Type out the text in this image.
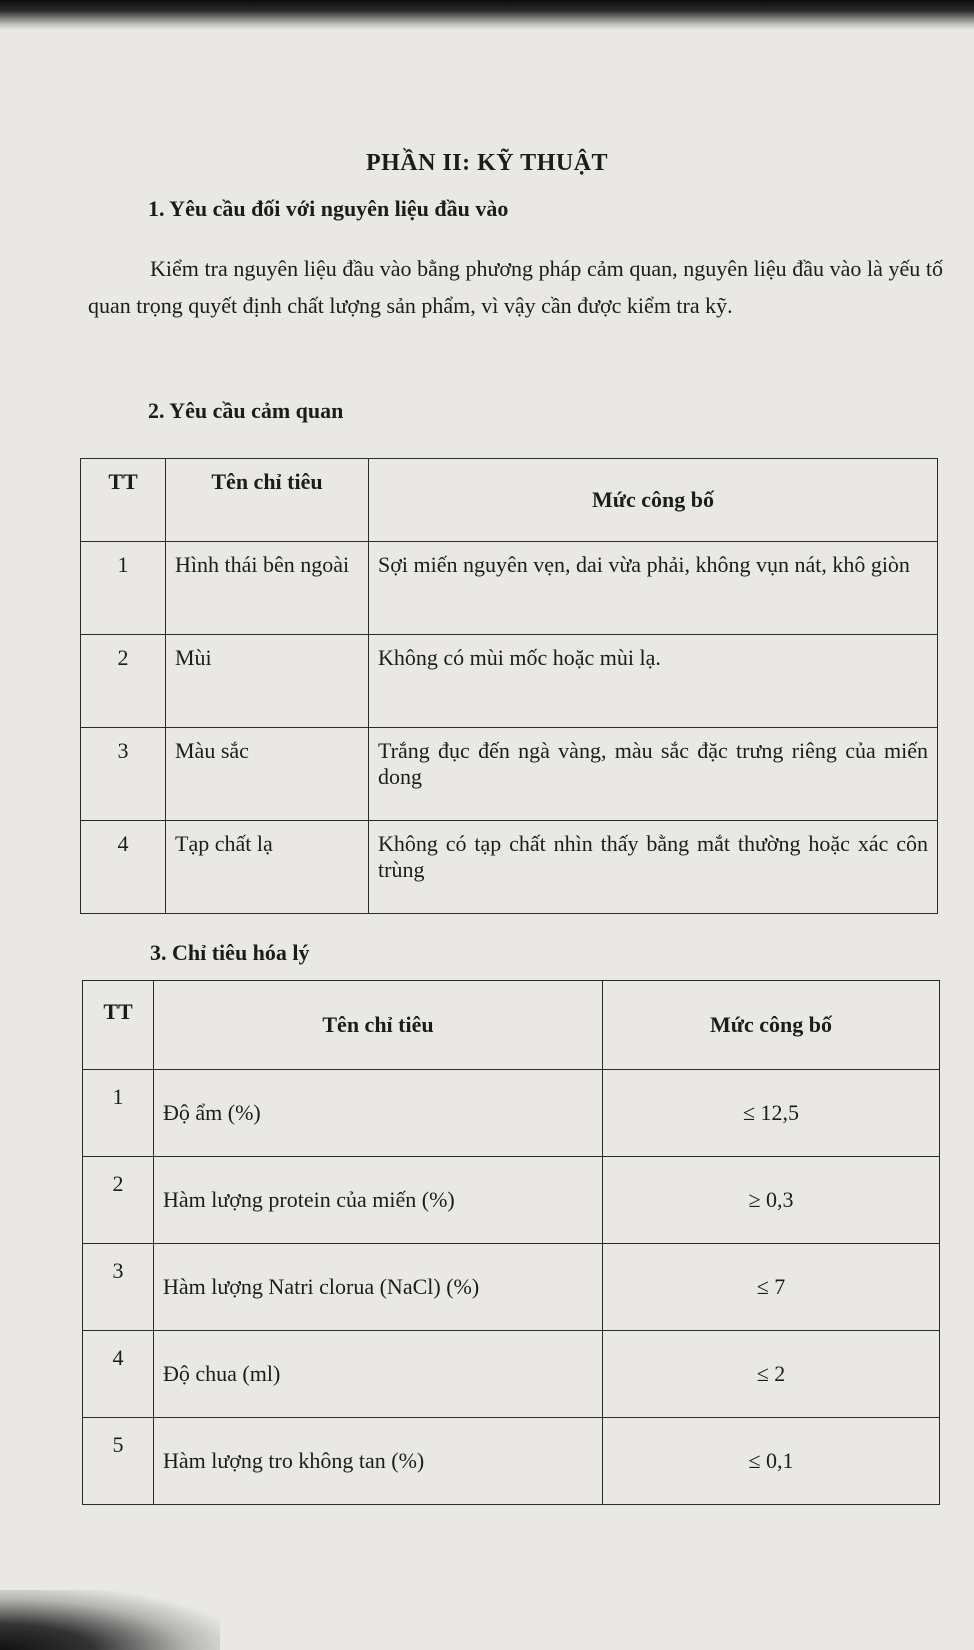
PHẦN II: KỸ THUẬT
1. Yêu cầu đối với nguyên liệu đầu vào
Kiểm tra nguyên liệu đầu vào bằng phương pháp cảm quan, nguyên liệu đầu vào là yếu tố quan trọng quyết định chất lượng sản phẩm, vì vậy cần được kiểm tra kỹ.
2. Yêu cầu cảm quan
TT	Tên chỉ tiêu	Mức công bố
1	Hình thái bên ngoài	Sợi miến nguyên vẹn, dai vừa phải, không vụn nát, khô giòn
2	Mùi	Không có mùi mốc hoặc mùi lạ.
3	Màu sắc	Trắng đục đến ngà vàng, màu sắc đặc trưng riêng của miến dong
4	Tạp chất lạ	Không có tạp chất nhìn thấy bằng mắt thường hoặc xác côn trùng
3. Chỉ tiêu hóa lý
TT	Tên chỉ tiêu	Mức công bố
1	Độ ẩm (%)	≤ 12,5
2	Hàm lượng protein của miến (%)	≥ 0,3
3	Hàm lượng Natri clorua (NaCl) (%)	≤ 7
4	Độ chua (ml)	≤ 2
5	Hàm lượng tro không tan (%)	≤ 0,1
